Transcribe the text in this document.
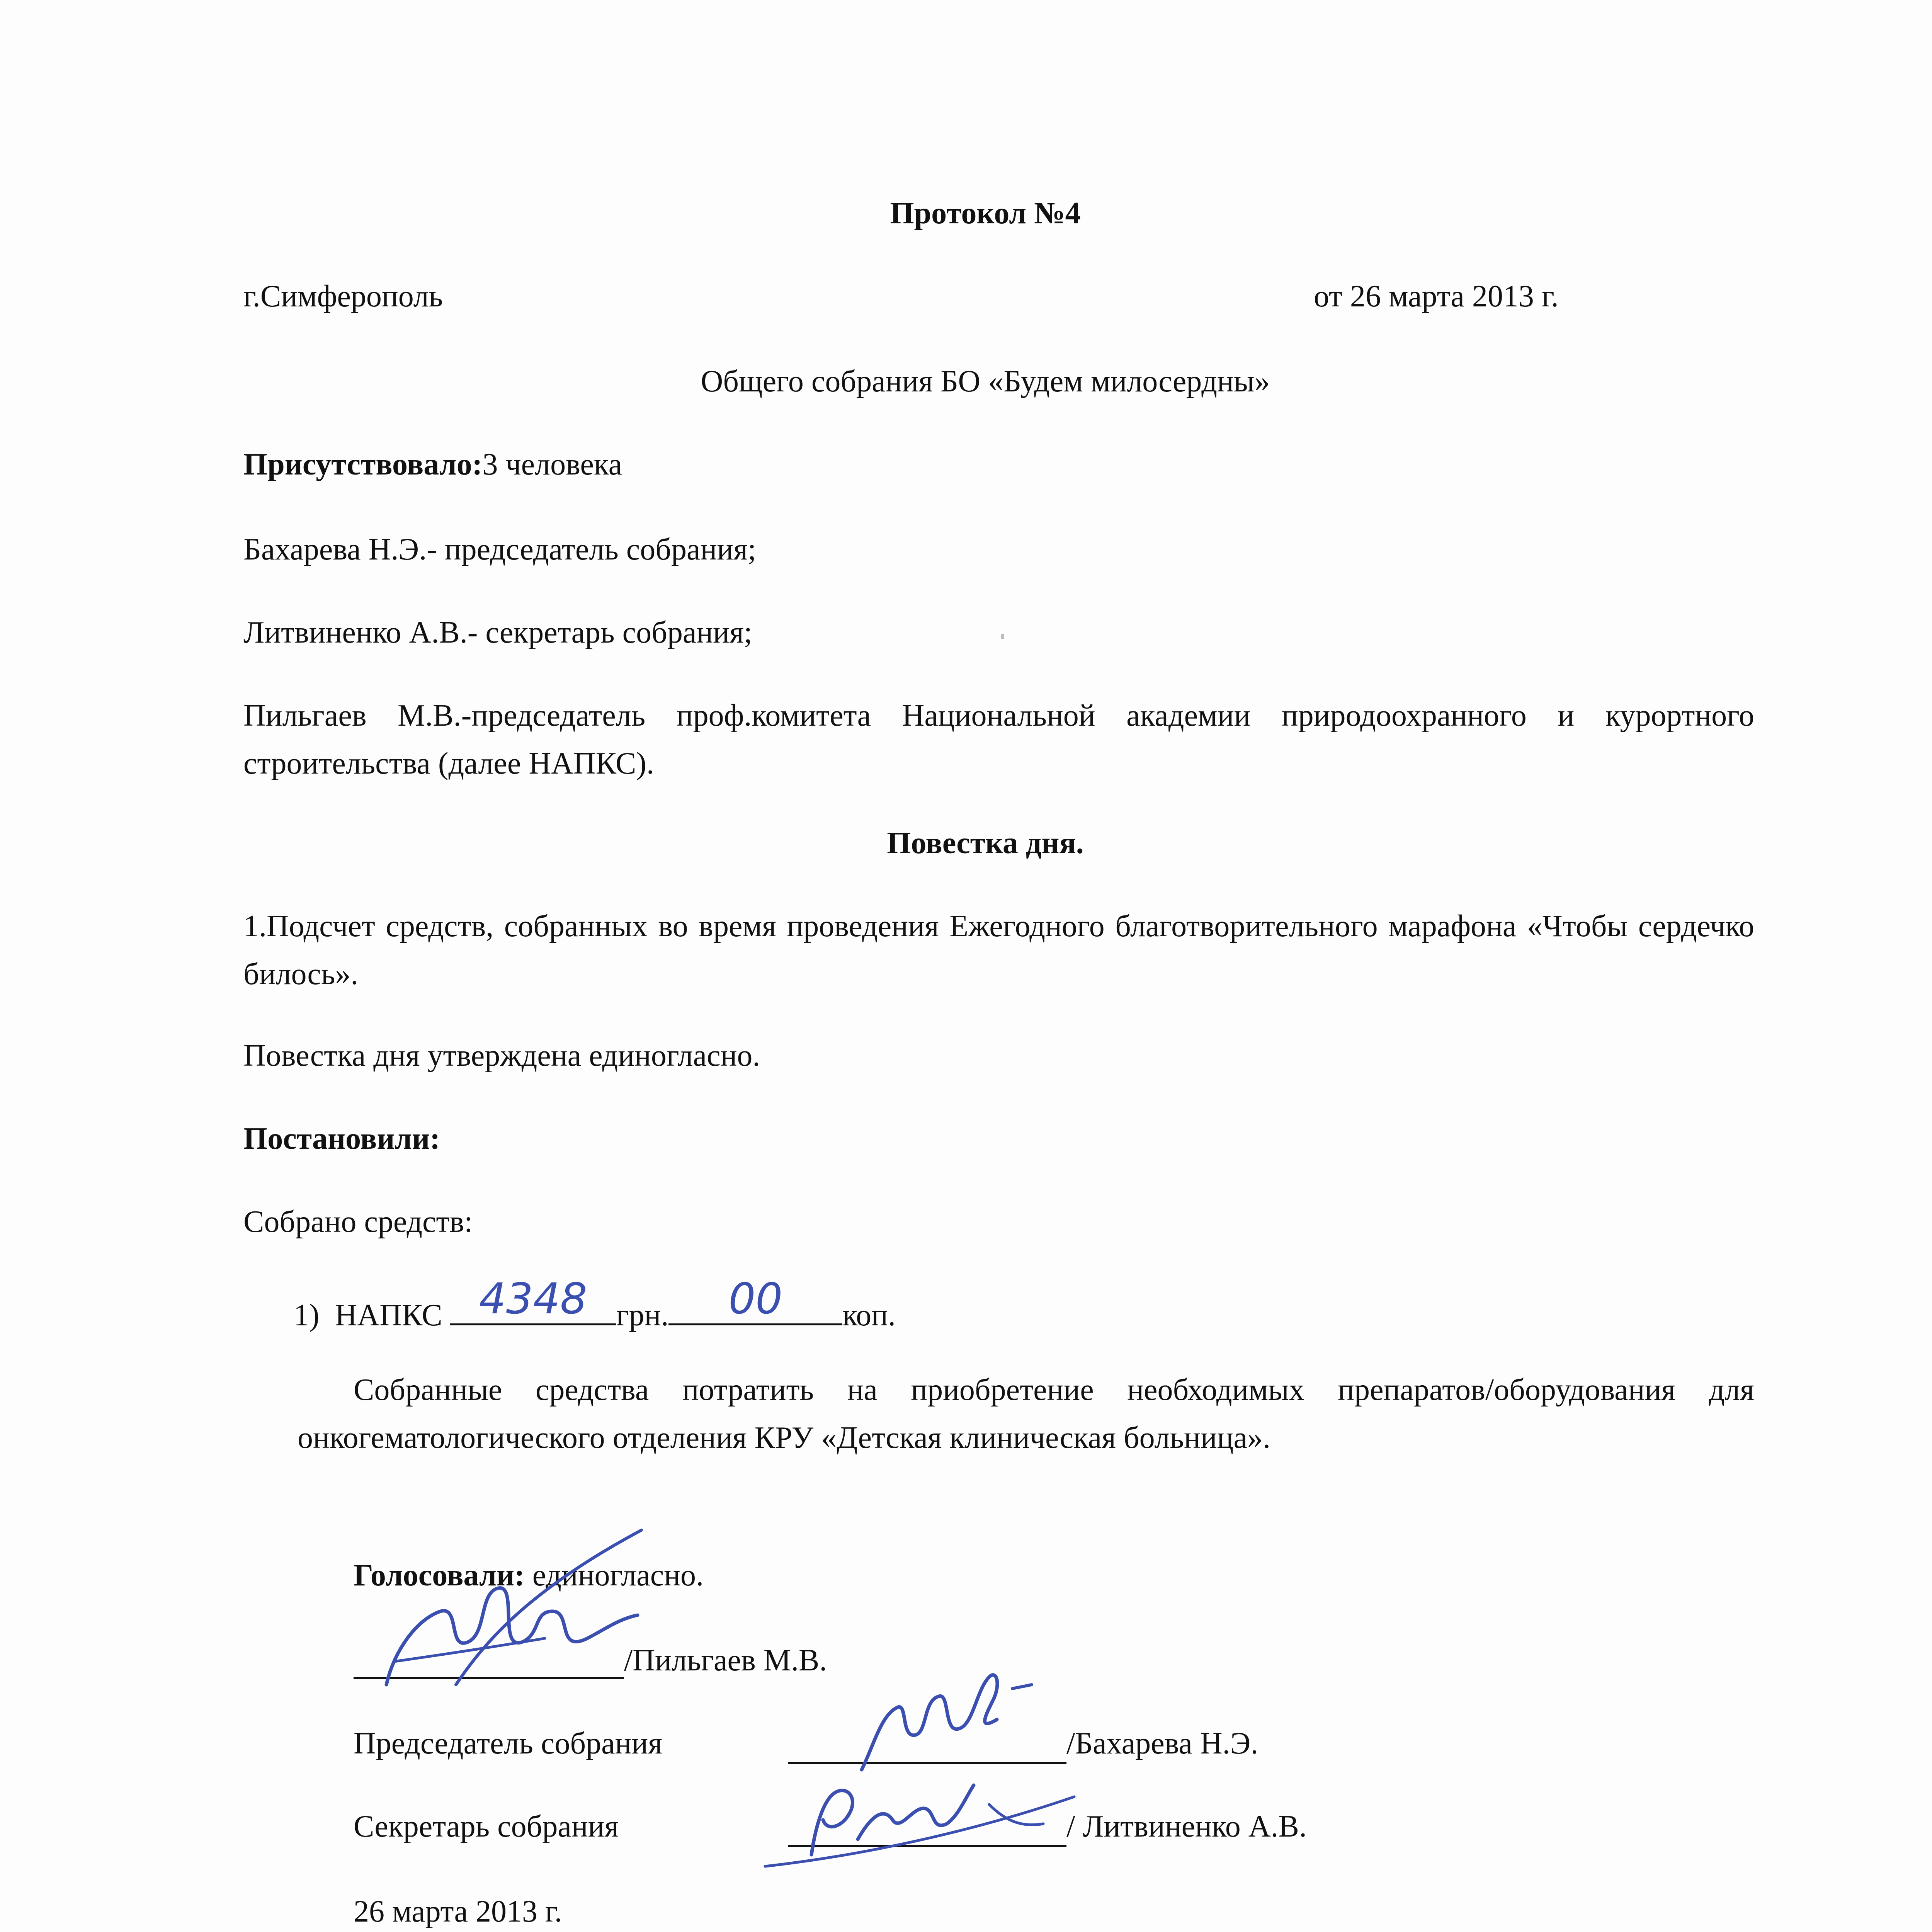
Протокол №4
г.Симферополь	от 26 марта 2013 г.
Общего собрания БО «Будем милосердны»
Присутствовало:3 человека
Бахарева Н.Э.- председатель собрания;
Литвиненко А.В.- секретарь собрания;
Пильгаев М.В.-председатель проф.комитета Национальной академии природоохранного и курортного строительства (далее НАПКС).
Повестка дня.
1.Подсчет средств, собранных во время проведения Ежегодного благотворительного марафона «Чтобы сердечко билось».
Повестка дня утверждена единогласно.
Постановили:
Собрано средств:
1) НАПКС 4348 грн.	00	коп.
Собранные средства потратить на приобретение необходимых препаратов/оборудования для онкогематологического отделения КРУ «Детская клиническая больница».
Голосовали: единогласно.
/Пильгаев М.В.
Председатель собрания	/Бахарева Н.Э.
Секретарь собрания	/ Литвиненко А.В.
26 марта 2013 г.
